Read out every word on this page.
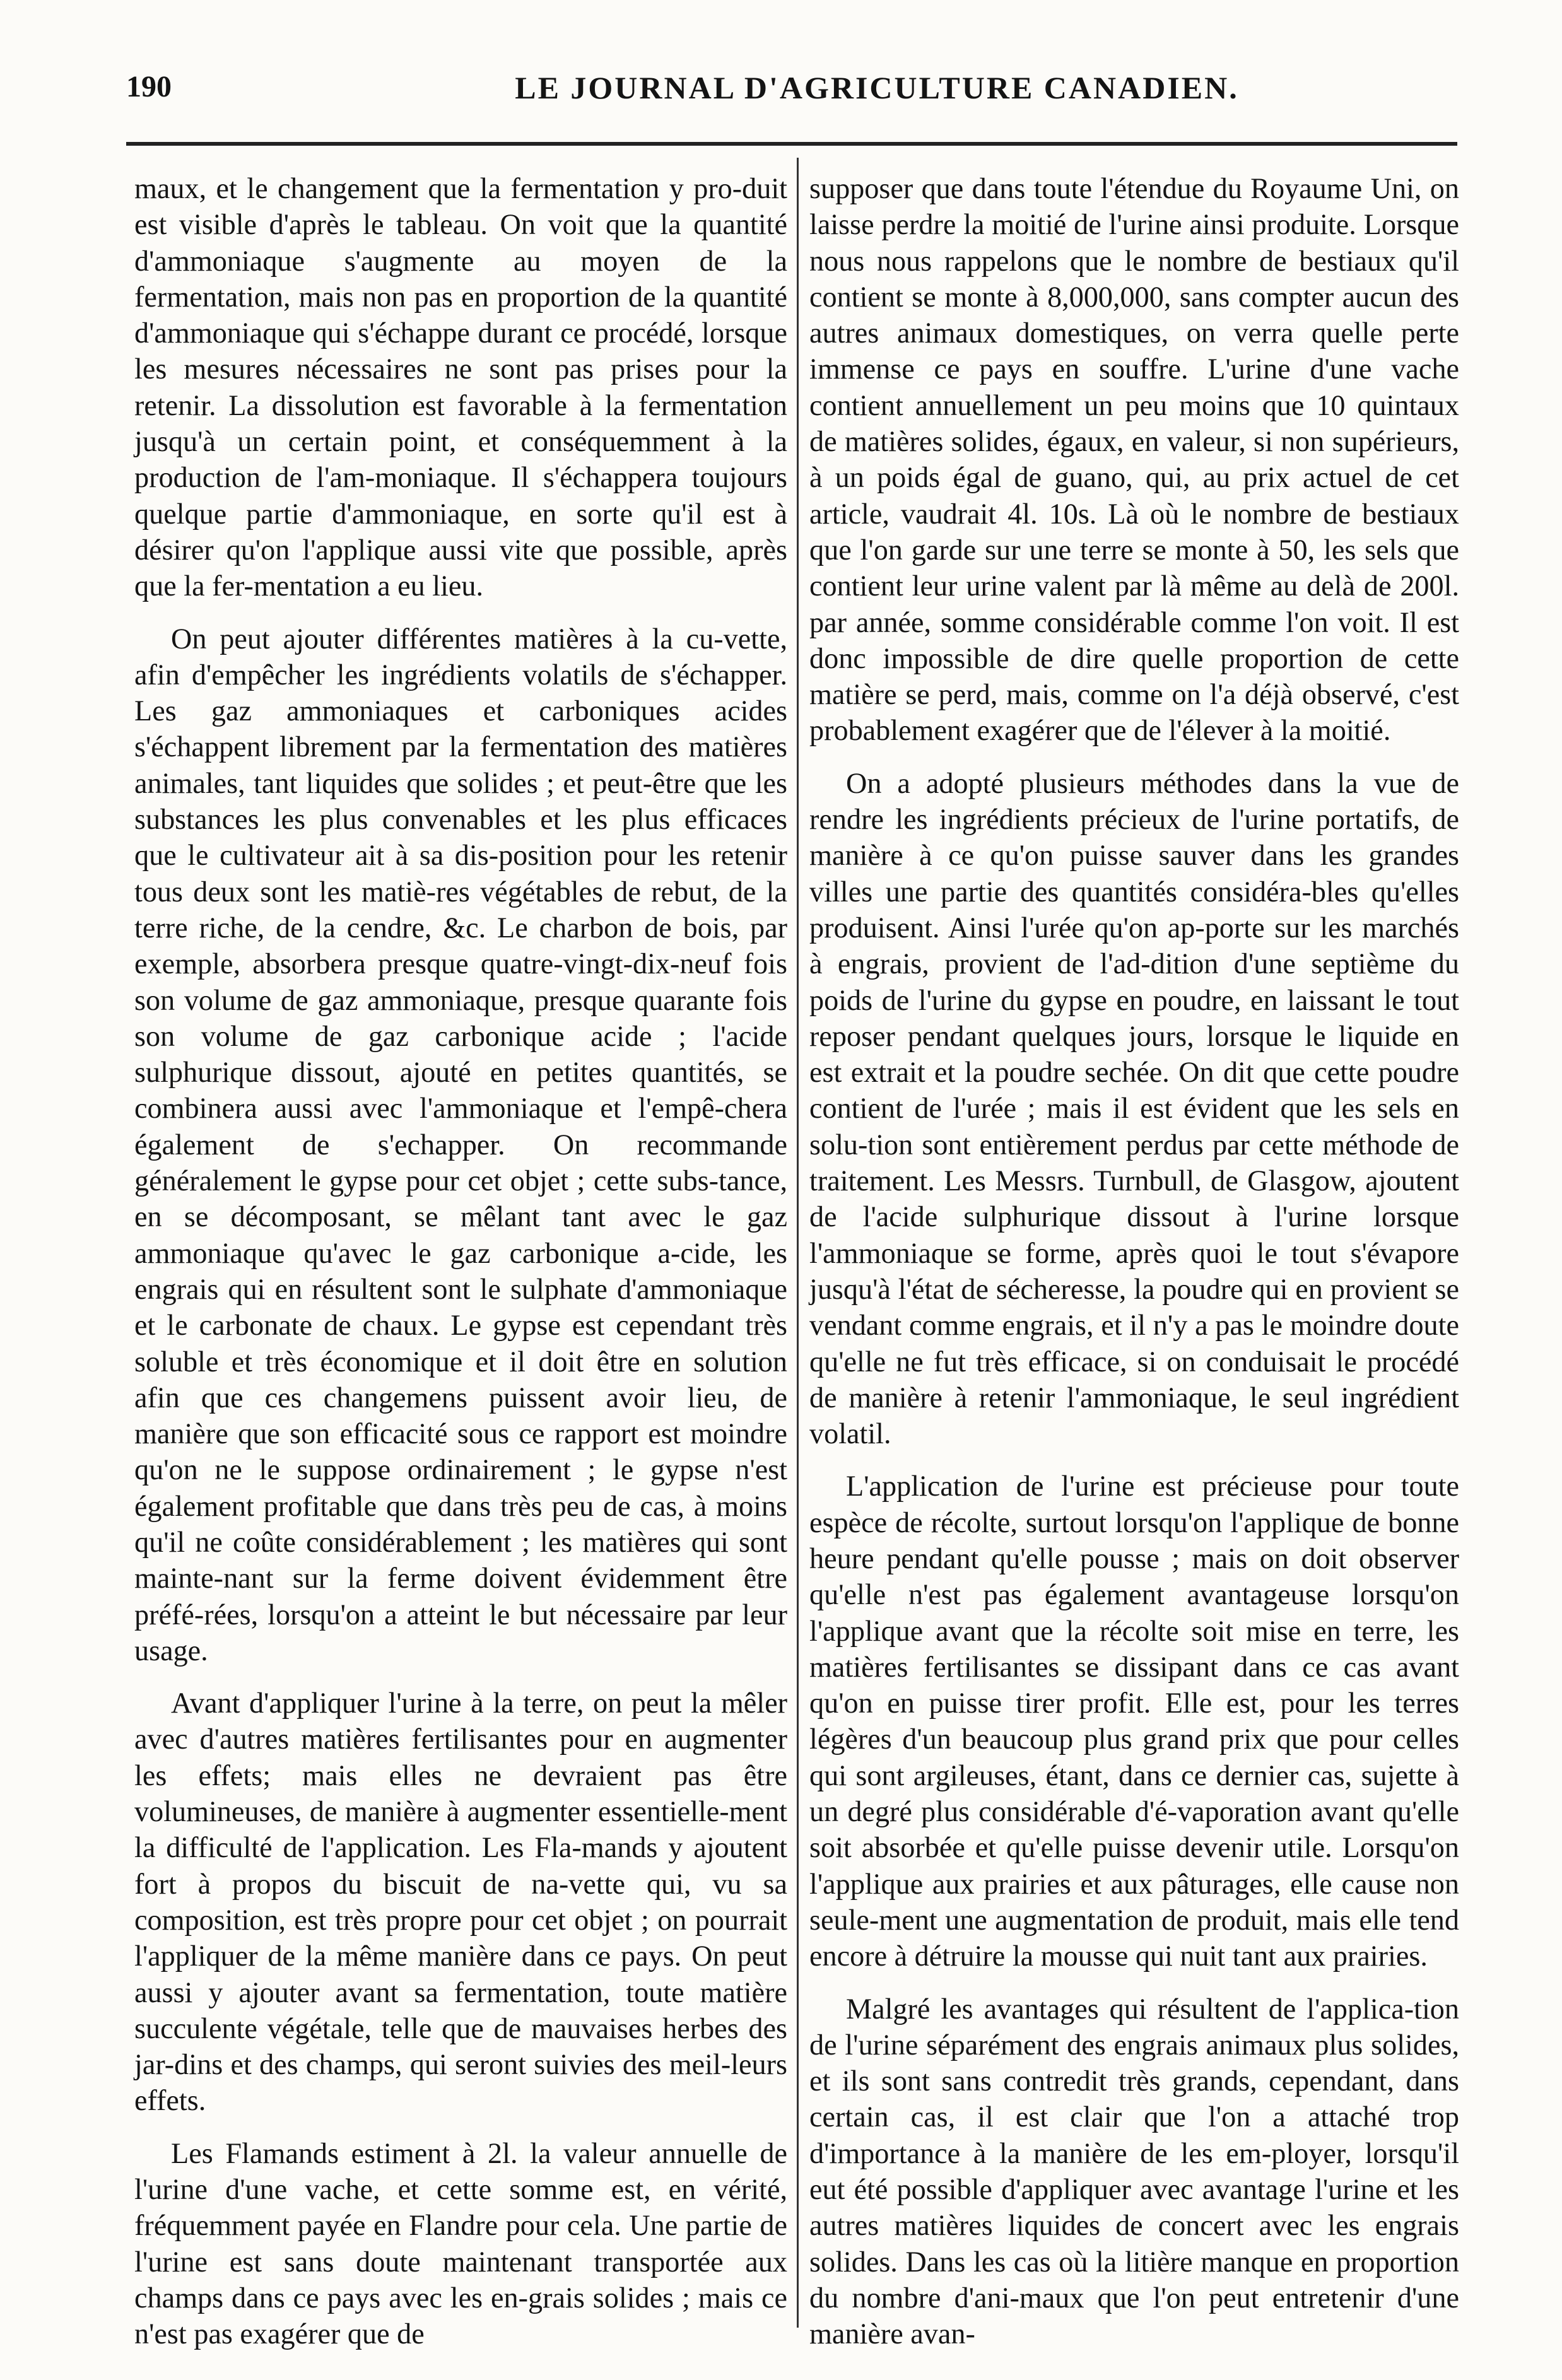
190	LE JOURNAL D'AGRICULTURE CANADIEN.

maux, et le changement que la fermentation y pro-duit est visible d'après le tableau. On voit que la quantité d'ammoniaque s'augmente au moyen de la fermentation, mais non pas en proportion de la quantité d'ammoniaque qui s'échappe durant ce procédé, lorsque les mesures nécessaires ne sont pas prises pour la retenir. La dissolution est favorable à la fermentation jusqu'à un certain point, et conséquemment à la production de l'am-moniaque. Il s'échappera toujours quelque partie d'ammoniaque, en sorte qu'il est à désirer qu'on l'applique aussi vite que possible, après que la fer-mentation a eu lieu.

On peut ajouter différentes matières à la cu-vette, afin d'empêcher les ingrédients volatils de s'échapper. Les gaz ammoniaques et carboniques acides s'échappent librement par la fermentation des matières animales, tant liquides que solides ; et peut-être que les substances les plus convenables et les plus efficaces que le cultivateur ait à sa dis-position pour les retenir tous deux sont les matiè-res végétables de rebut, de la terre riche, de la cendre, &c. Le charbon de bois, par exemple, absorbera presque quatre-vingt-dix-neuf fois son volume de gaz ammoniaque, presque quarante fois son volume de gaz carbonique acide ; l'acide sulphurique dissout, ajouté en petites quantités, se combinera aussi avec l'ammoniaque et l'empê-chera également de s'echapper. On recommande généralement le gypse pour cet objet ; cette subs-tance, en se décomposant, se mêlant tant avec le gaz ammoniaque qu'avec le gaz carbonique a-cide, les engrais qui en résultent sont le sulphate d'ammoniaque et le carbonate de chaux. Le gypse est cependant très soluble et très économique et il doit être en solution afin que ces changemens puissent avoir lieu, de manière que son efficacité sous ce rapport est moindre qu'on ne le suppose ordinairement ; le gypse n'est également profitable que dans très peu de cas, à moins qu'il ne coûte considérablement ; les matières qui sont mainte-nant sur la ferme doivent évidemment être préfé-rées, lorsqu'on a atteint le but nécessaire par leur usage.

Avant d'appliquer l'urine à la terre, on peut la mêler avec d'autres matières fertilisantes pour en augmenter les effets; mais elles ne devraient pas être volumineuses, de manière à augmenter essentielle-ment la difficulté de l'application. Les Fla-mands y ajoutent fort à propos du biscuit de na-vette qui, vu sa composition, est très propre pour cet objet ; on pourrait l'appliquer de la même manière dans ce pays. On peut aussi y ajouter avant sa fermentation, toute matière succulente végétale, telle que de mauvaises herbes des jar-dins et des champs, qui seront suivies des meil-leurs effets.

Les Flamands estiment à 2l. la valeur annuelle de l'urine d'une vache, et cette somme est, en vérité, fréquemment payée en Flandre pour cela. Une partie de l'urine est sans doute maintenant transportée aux champs dans ce pays avec les en-grais solides ; mais ce n'est pas exagérer que de

supposer que dans toute l'étendue du Royaume Uni, on laisse perdre la moitié de l'urine ainsi produite. Lorsque nous nous rappelons que le nombre de bestiaux qu'il contient se monte à 8,000,000, sans compter aucun des autres animaux domestiques, on verra quelle perte immense ce pays en souffre. L'urine d'une vache contient annuellement un peu moins que 10 quintaux de matières solides, égaux, en valeur, si non supérieurs, à un poids égal de guano, qui, au prix actuel de cet article, vaudrait 4l. 10s. Là où le nombre de bestiaux que l'on garde sur une terre se monte à 50, les sels que contient leur urine valent par là même au delà de 200l. par année, somme considérable comme l'on voit. Il est donc impossible de dire quelle proportion de cette matière se perd, mais, comme on l'a déjà observé, c'est probablement exagérer que de l'élever à la moitié.

On a adopté plusieurs méthodes dans la vue de rendre les ingrédients précieux de l'urine portatifs, de manière à ce qu'on puisse sauver dans les grandes villes une partie des quantités considéra-bles qu'elles produisent. Ainsi l'urée qu'on ap-porte sur les marchés à engrais, provient de l'ad-dition d'une septième du poids de l'urine du gypse en poudre, en laissant le tout reposer pendant quelques jours, lorsque le liquide en est extrait et la poudre sechée. On dit que cette poudre contient de l'urée ; mais il est évident que les sels en solu-tion sont entièrement perdus par cette méthode de traitement. Les Messrs. Turnbull, de Glasgow, ajoutent de l'acide sulphurique dissout à l'urine lorsque l'ammoniaque se forme, après quoi le tout s'évapore jusqu'à l'état de sécheresse, la poudre qui en provient se vendant comme engrais, et il n'y a pas le moindre doute qu'elle ne fut très efficace, si on conduisait le procédé de manière à retenir l'ammoniaque, le seul ingrédient volatil.

L'application de l'urine est précieuse pour toute espèce de récolte, surtout lorsqu'on l'applique de bonne heure pendant qu'elle pousse ; mais on doit observer qu'elle n'est pas également avantageuse lorsqu'on l'applique avant que la récolte soit mise en terre, les matières fertilisantes se dissipant dans ce cas avant qu'on en puisse tirer profit. Elle est, pour les terres légères d'un beaucoup plus grand prix que pour celles qui sont argileuses, étant, dans ce dernier cas, sujette à un degré plus considérable d'é-vaporation avant qu'elle soit absorbée et qu'elle puisse devenir utile. Lorsqu'on l'applique aux prairies et aux pâturages, elle cause non seule-ment une augmentation de produit, mais elle tend encore à détruire la mousse qui nuit tant aux prairies.

Malgré les avantages qui résultent de l'applica-tion de l'urine séparément des engrais animaux plus solides, et ils sont sans contredit très grands, cependant, dans certain cas, il est clair que l'on a attaché trop d'importance à la manière de les em-ployer, lorsqu'il eut été possible d'appliquer avec avantage l'urine et les autres matières liquides de concert avec les engrais solides. Dans les cas où la litière manque en proportion du nombre d'ani-maux que l'on peut entretenir d'une manière avan-
